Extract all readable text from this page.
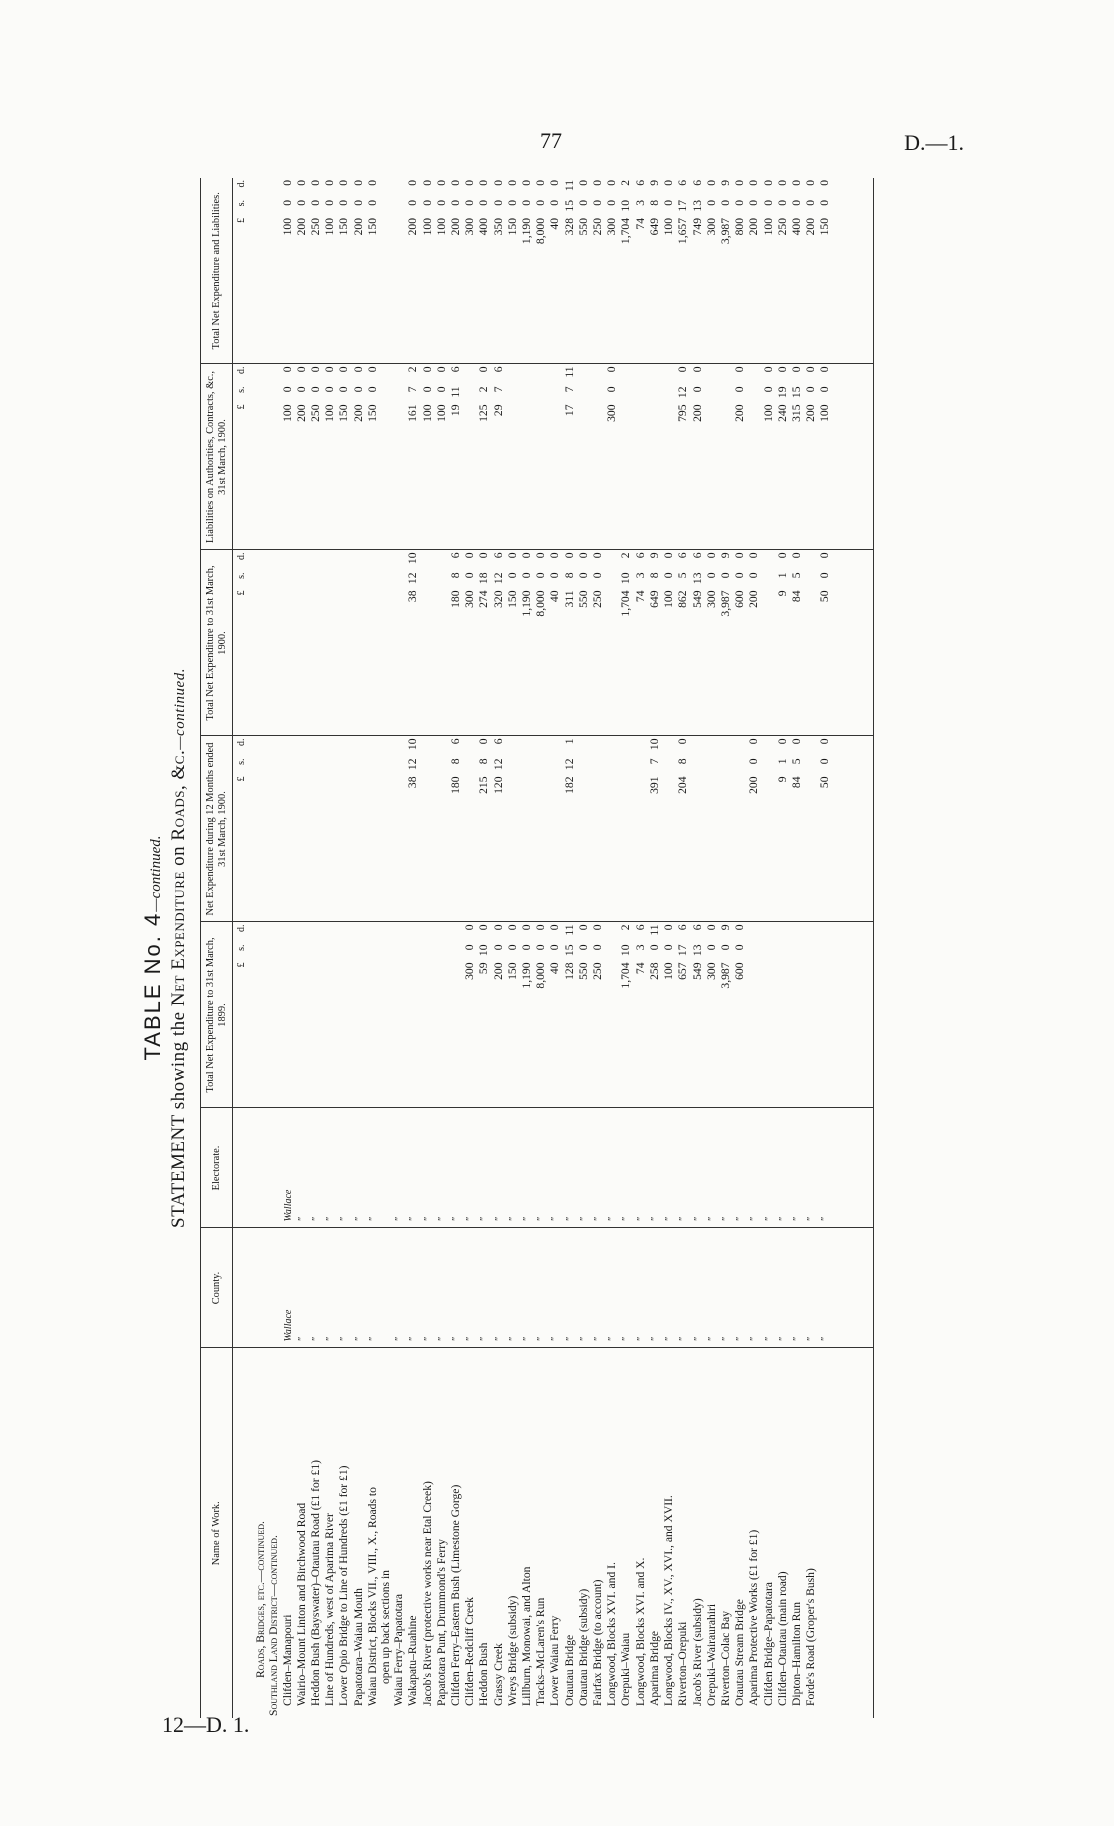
77	D.—1.
12—D. 1.
TABLE No. 4—continued.
STATEMENT showing the Net Expenditure on Roads, &c.—continued.
Name of Work.	County.	Electorate.	Total Net Expenditure to 31st March, 1899.	Net Expenditure during 12 Months ended 31st March, 1900.	Total Net Expenditure to 31st March, 1900.	Liabilities on Authorities, Contracts, &c., 31st March, 1900.	Total Net Expenditure and Liabilities.
			£s.d.	£s.d.	£s.d.	£s.d.	£s.d.
Roads, Bridges, etc.—continued.							
Southland Land District—continued.							
Clifden–Manapouri	Wallace	Wallace				10000	10000
Wairio–Mount Linton and Birchwood Road	"	"				20000	20000
Heddon Bush (Bayswater)–Otautau Road (£1 for £1)	"	"				25000	25000
Line of Hundreds, west of Aparima River	"	"				10000	10000
Lower Opio Bridge to Line of Hundreds (£1 for £1)	"	"				15000	15000
Papatotara–Waiau Mouth	"	"				20000	20000
Waiau District, Blocks VII., VIII., X., Roads to open up back sections in	"	"				15000	15000
Waiau Ferry–Papatotara	"	"					
Wakapatu–Ruahine	"	"		381210	381210	16172	20000
Jacob's River (protective works near Etal Creek)	"	"				10000	10000
Papatotara Punt, Drummond's Ferry	"	"				10000	10000
Clifden Ferry–Eastern Bush (Limestone Gorge)	"	"		18086	18086	19116	20000
Clifden–Redcliff Creek	"	"	30000		30000		30000
Heddon Bush	"	"	59100	21580	274180	12520	40000
Grassy Creek	"	"	20000	120126	320126	2976	35000
Wreys Bridge (subsidy)	"	"	15000		15000		15000
Lillburn, Monowai, and Alton	"	"	1,19000		1,19000		1,19000
Tracks–McLaren's Run	"	"	8,00000		8,00000		8,00000
Lower Waiau Ferry	"	"	4000		4000		4000
Otautau Bridge	"	"	1281511	182121	31180	17711	3281511
Otautau Bridge (subsidy)	"	"	55000		55000		55000
Fairfax Bridge (to account)	"	"	25000		25000		25000
Longwood, Blocks XVI. and I.	"	"				30000	30000
Orepuki–Waiau	"	"	1,704102		1,704102		1,704102
Longwood, Blocks XVI. and X.	"	"	7436		7436		7436
Aparima Bridge	"	"	258011	391710	64989		64989
Longwood, Blocks IV., XV., XVI., and XVII.	"	"	10000		10000		10000
Riverton–Orepuki	"	"	657176	20480	86256	795120	1,657176
Jacob's River (subsidy)	"	"	549136		549136	20000	749136
Orepuki–Wairaurahiri	"	"	30000		30000		30000
Riverton–Colac Bay	"	"	3,98709		3,98709		3,98709
Otautau Stream Bridge	"	"	60000		60000	20000	80000
Aparima Protective Works (£1 for £1)	"	"		20000	20000		20000
Clifden Bridge–Papatotara	"	"				10000	10000
Clifden–Otautau (main road)	"	"		910	910	240190	25000
Dipton–Hamilton Run	"	"		8450	8450	315150	40000
Forde's Road (Groper's Bush)	"	"				20000	20000
	"	"		5000	5000	10000	15000
